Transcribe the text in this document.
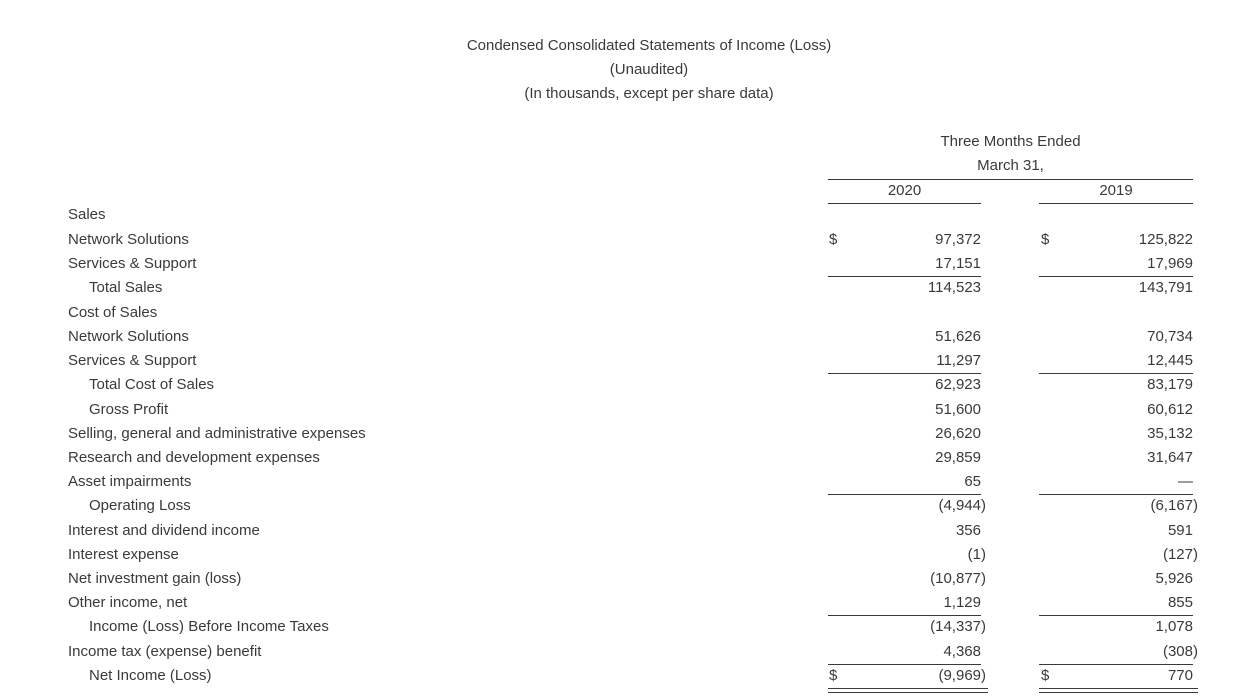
Condensed Consolidated Statements of Income (Loss)
(Unaudited)
(In thousands, except per share data)
Three Months Ended
March 31,
2020	2019
Sales
Network Solutions	$	97,372	$	125,822
Services & Support	17,151	17,969
Total Sales	114,523	143,791
Cost of Sales
Network Solutions	51,626	70,734
Services & Support	11,297	12,445
Total Cost of Sales	62,923	83,179
Gross Profit	51,600	60,612
Selling, general and administrative expenses	26,620	35,132
Research and development expenses	29,859	31,647
Asset impairments	65	—
Operating Loss	(4,944)	(6,167)
Interest and dividend income	356	591
Interest expense	(1)	(127)
Net investment gain (loss)	(10,877)	5,926
Other income, net	1,129	855
Income (Loss) Before Income Taxes	(14,337)	1,078
Income tax (expense) benefit	4,368	(308)
Net Income (Loss)	$	(9,969)	$	770
